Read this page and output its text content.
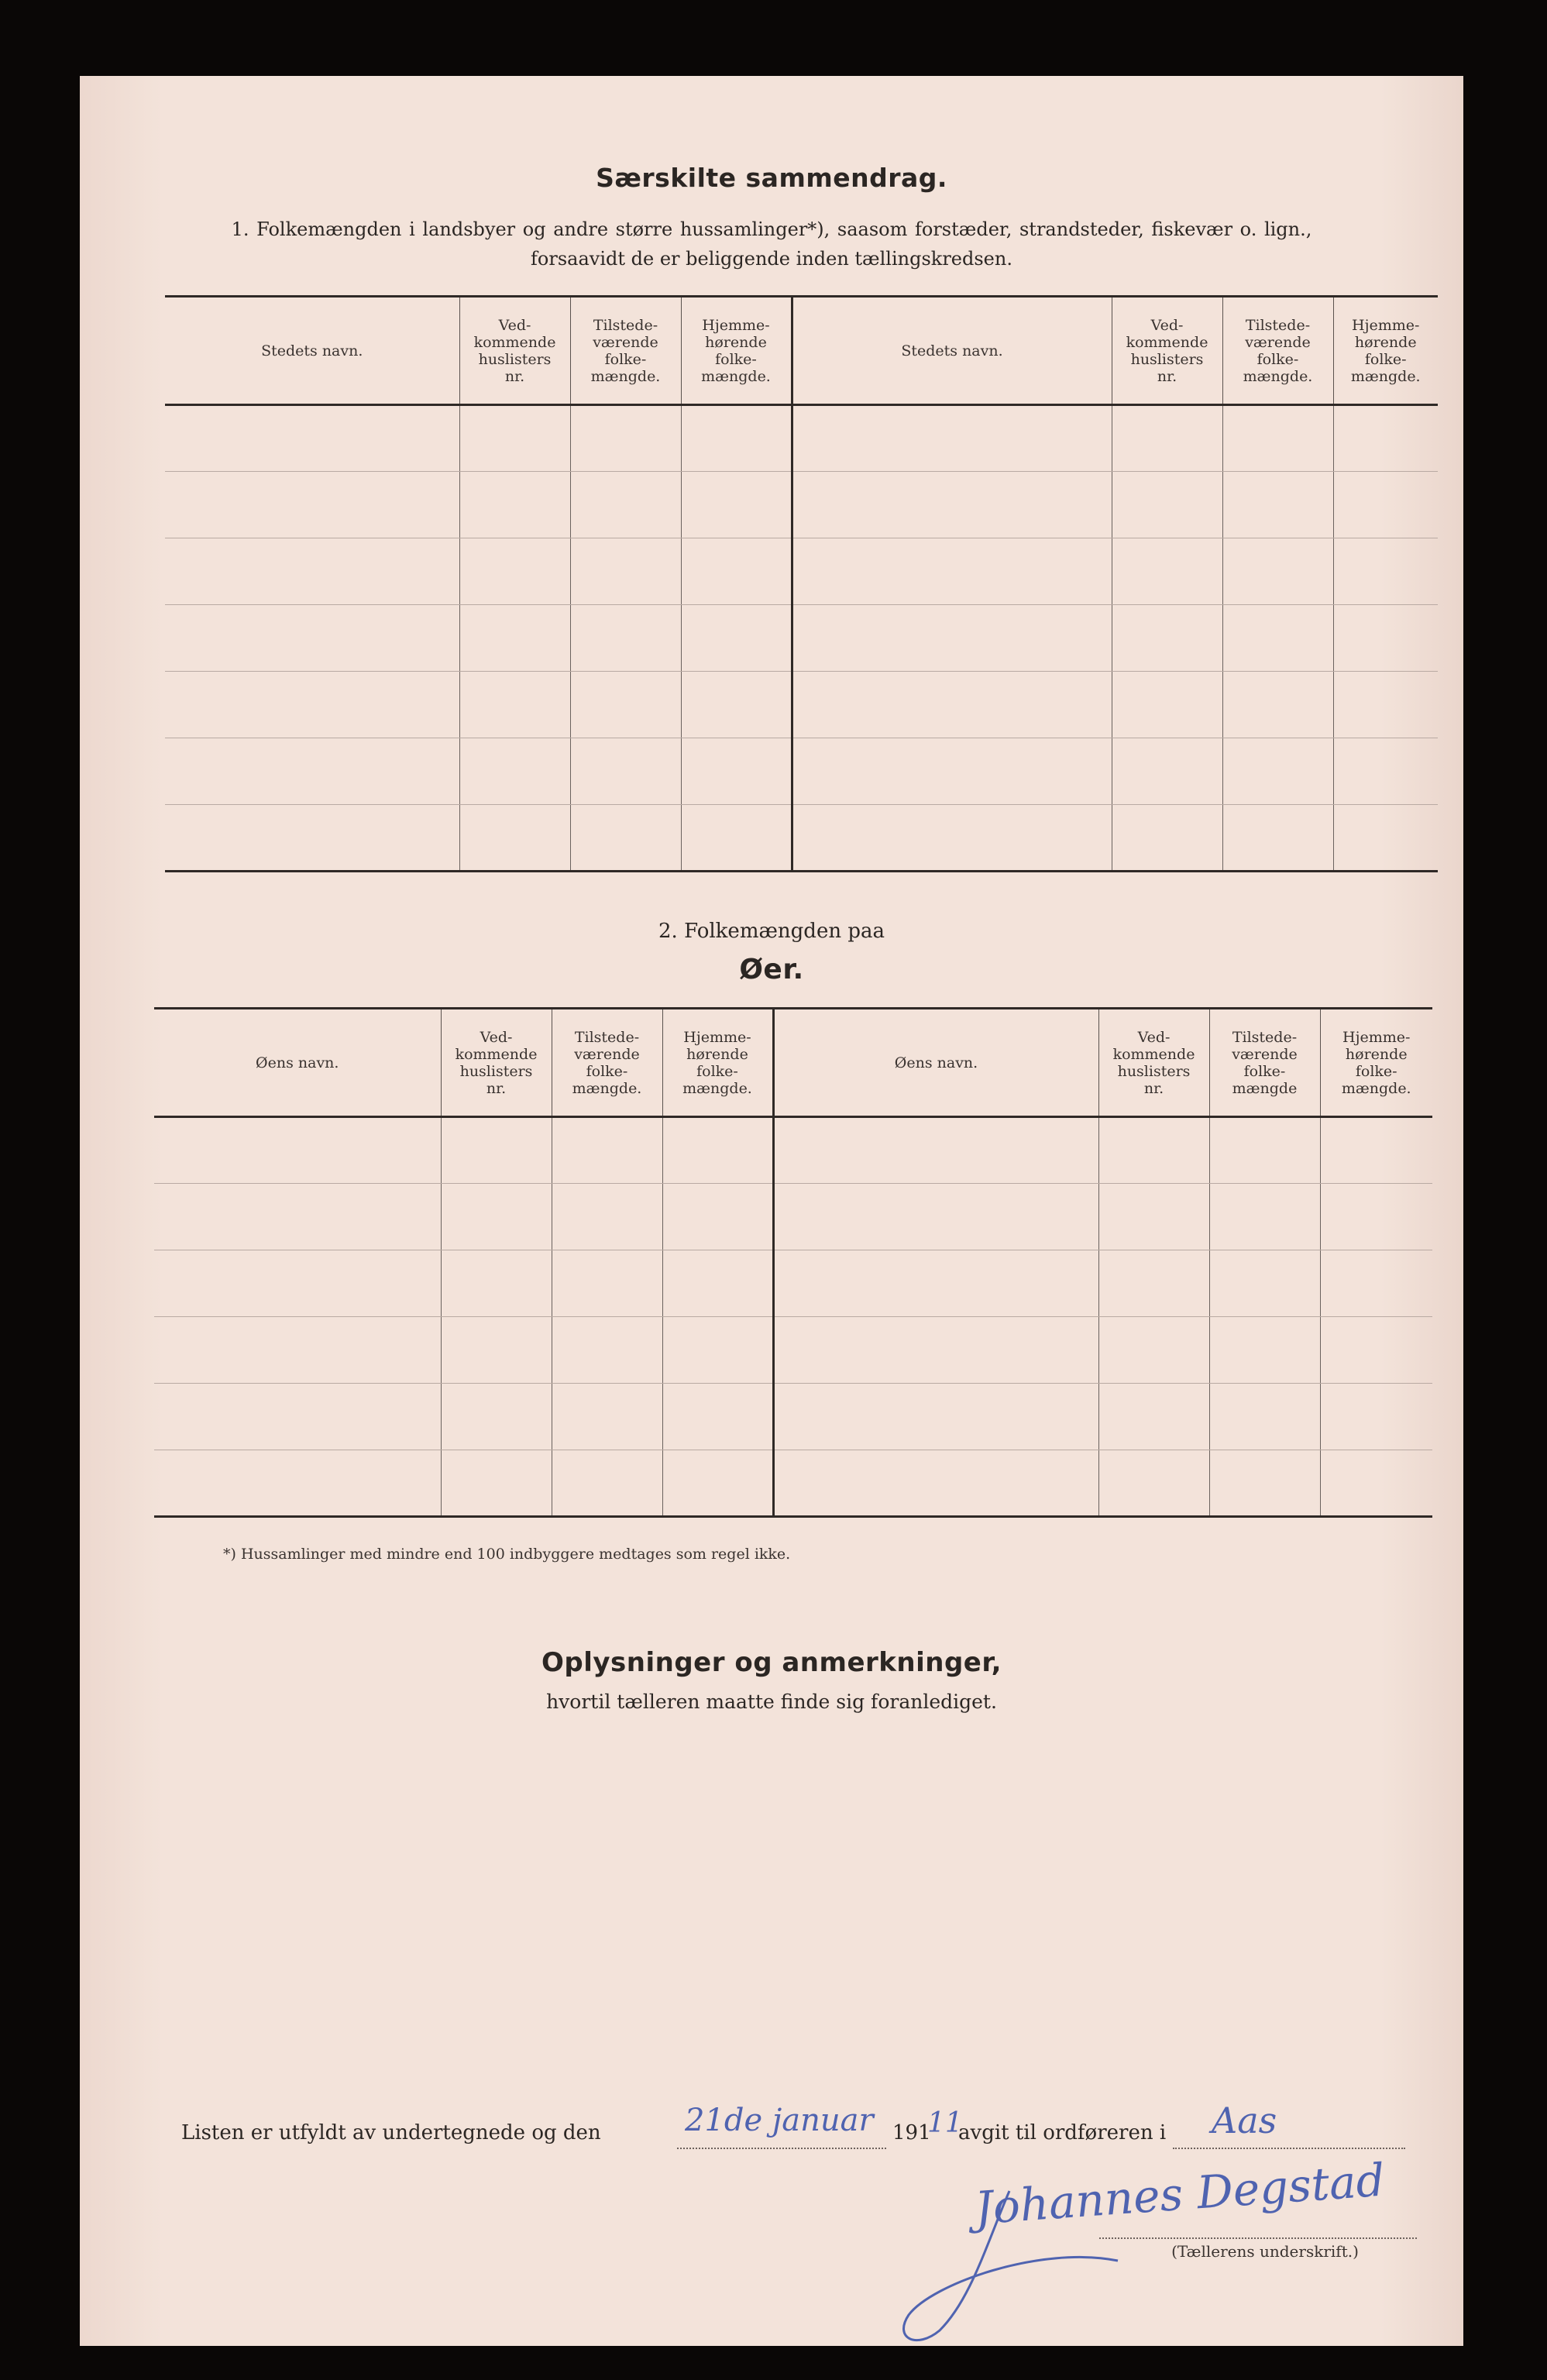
Særskilte sammendrag.
1. Folkemængden i landsbyer og andre større hussamlinger*), saasom forstæder, strandsteder, fiskevær o. lign.,
forsaavidt de er beliggende inden tællingskredsen.
Stedets navn.	Ved-
kommende
huslisters
nr.	Tilstede-
værende
folke-
mængde.	Hjemme-
hørende
folke-
mængde.	Stedets navn.	Ved-
kommende
huslisters
nr.	Tilstede-
værende
folke-
mængde.	Hjemme-
hørende
folke-
mængde.

2. Folkemængden paa
Øer.
Øens navn.	Ved-
kommende
huslisters
nr.	Tilstede-
værende
folke-
mængde.	Hjemme-
hørende
folke-
mængde.	Øens navn.	Ved-
kommende
huslisters
nr.	Tilstede-
værende
folke-
mængde	Hjemme-
hørende
folke-
mængde.

*) Hussamlinger med mindre end 100 indbyggere medtages som regel ikke.
Oplysninger og anmerkninger,
hvortil tælleren maatte finde sig foranlediget.
Listen er utfyldt av undertegnede og den	21de januar 191
11
avgit til ordføreren i Aas
Johannes Degstad
(Tællerens underskrift.)
